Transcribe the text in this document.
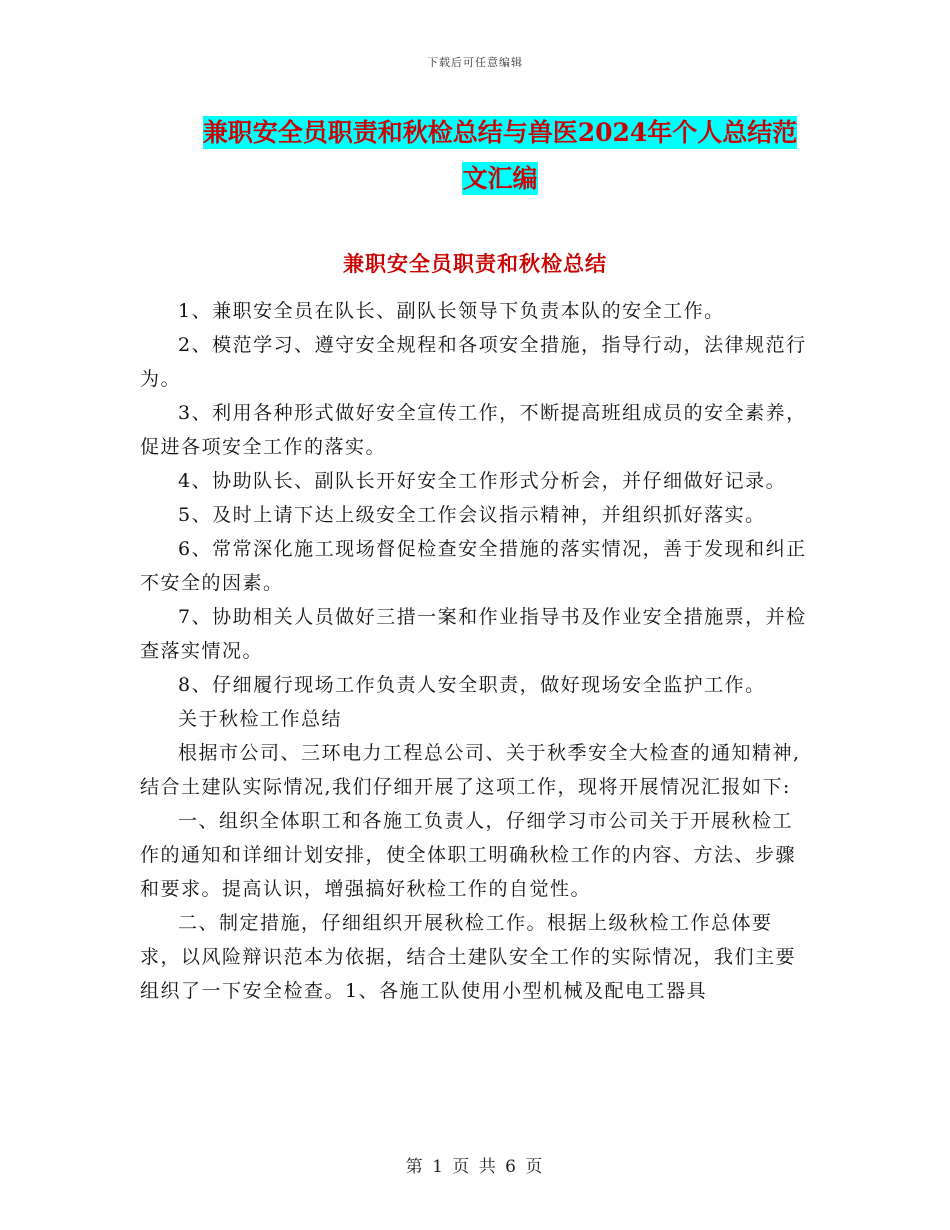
下载后可任意编辑
兼职安全员职责和秋检总结与兽医2024年个人总结范
文汇编
兼职安全员职责和秋检总结

1、兼职安全员在队长、副队长领导下负责本队的安全工作。

2、模范学习、遵守安全规程和各项安全措施，指导行动，法律规范行为。

3、利用各种形式做好安全宣传工作，不断提高班组成员的安全素养，促进各项安全工作的落实。

4、协助队长、副队长开好安全工作形式分析会，并仔细做好记录。

5、及时上请下达上级安全工作会议指示精神，并组织抓好落实。

6、常常深化施工现场督促检查安全措施的落实情况，善于发现和纠正不安全的因素。

7、协助相关人员做好三措一案和作业指导书及作业安全措施票，并检查落实情况。

8、仔细履行现场工作负责人安全职责，做好现场安全监护工作。

关于秋检工作总结

根据市公司、三环电力工程总公司、关于秋季安全大检查的通知精神,结合土建队实际情况,我们仔细开展了这项工作，现将开展情况汇报如下:

一、组织全体职工和各施工负责人，仔细学习市公司关于开展秋检工作的通知和详细计划安排，使全体职工明确秋检工作的内容、方法、步骤和要求。提高认识，增强搞好秋检工作的自觉性。

二、制定措施，仔细组织开展秋检工作。根据上级秋检工作总体要求，以风险辩识范本为依据，结合土建队安全工作的实际情况，我们主要组织了一下安全检查。1、各施工队使用小型机械及配电工器具

第 1 页 共 6 页
